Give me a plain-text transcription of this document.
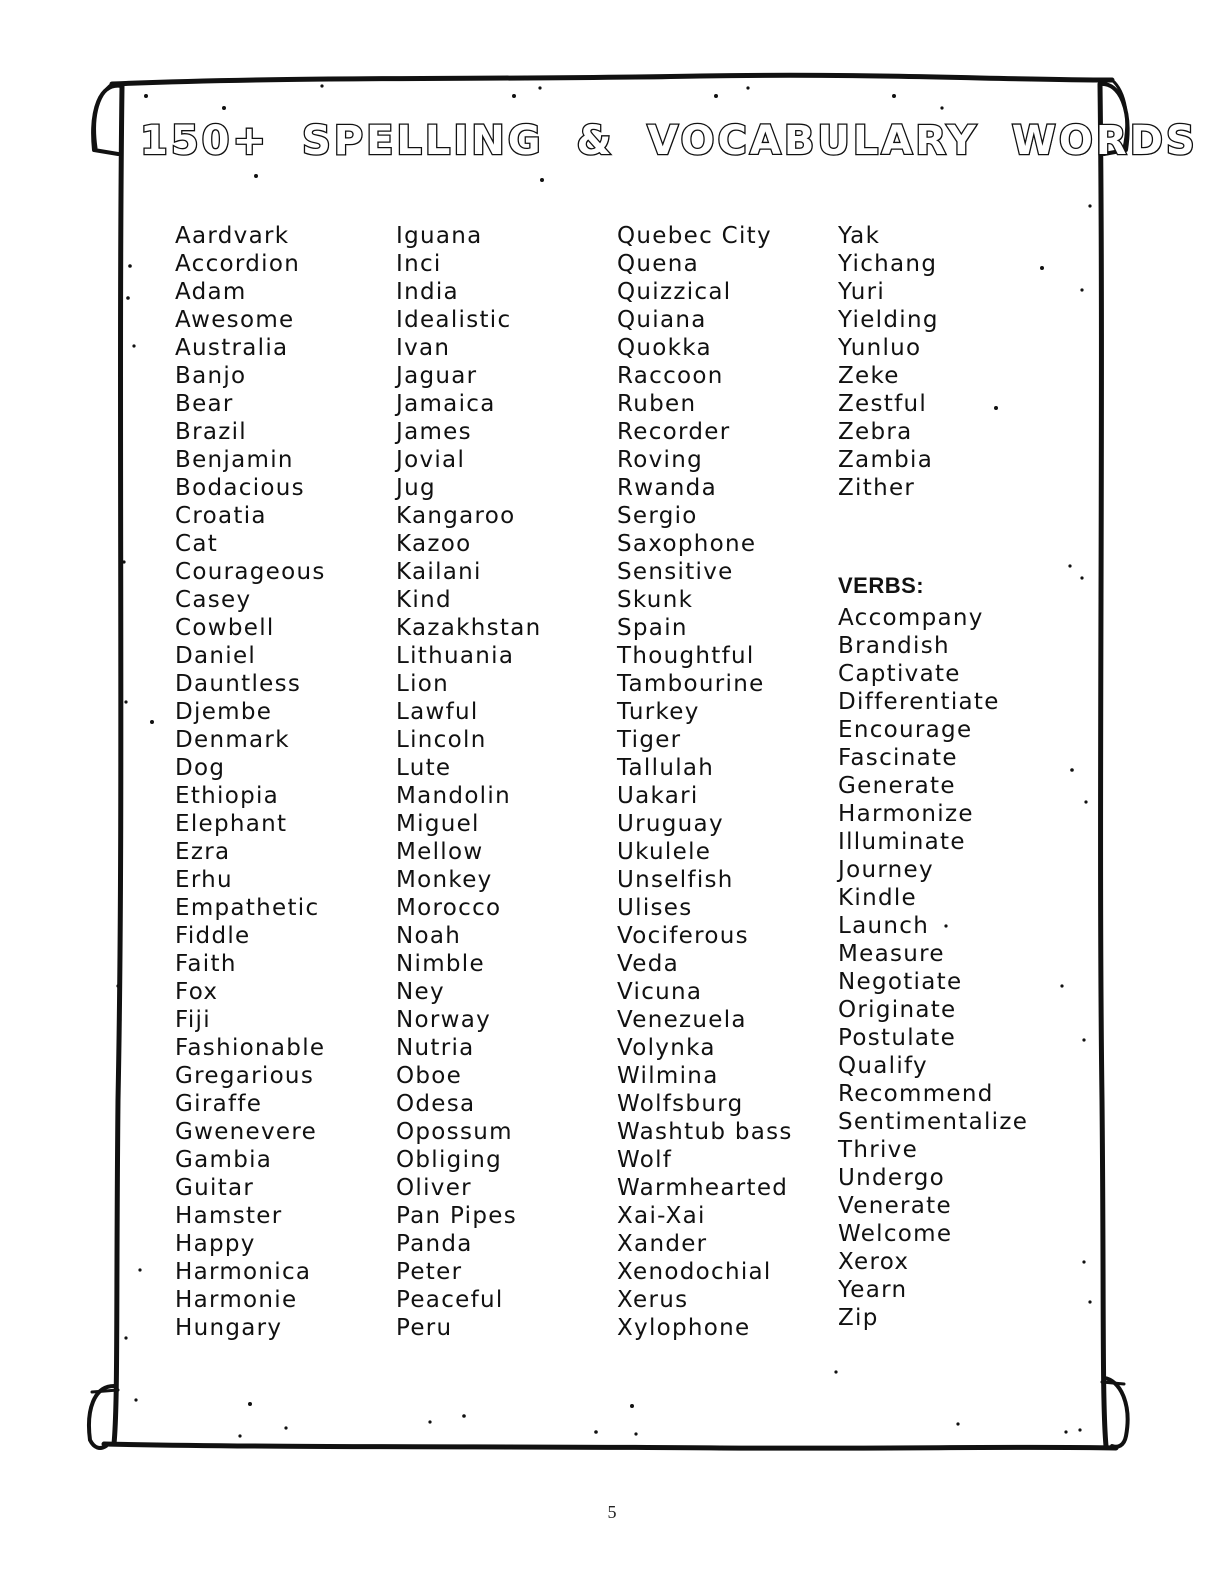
150+ SPELLING & VOCABULARY WORDS
Aardvark
Accordion
Adam
Awesome
Australia
Banjo
Bear
Brazil
Benjamin
Bodacious
Croatia
Cat
Courageous
Casey
Cowbell
Daniel
Dauntless
Djembe
Denmark
Dog
Ethiopia
Elephant
Ezra
Erhu
Empathetic
Fiddle
Faith
Fox
Fiji
Fashionable
Gregarious
Giraffe
Gwenevere
Gambia
Guitar
Hamster
Happy
Harmonica
Harmonie
Hungary
Iguana
Inci
India
Idealistic
Ivan
Jaguar
Jamaica
James
Jovial
Jug
Kangaroo
Kazoo
Kailani
Kind
Kazakhstan
Lithuania
Lion
Lawful
Lincoln
Lute
Mandolin
Miguel
Mellow
Monkey
Morocco
Noah
Nimble
Ney
Norway
Nutria
Oboe
Odesa
Opossum
Obliging
Oliver
Pan Pipes
Panda
Peter
Peaceful
Peru
Quebec City
Quena
Quizzical
Quiana
Quokka
Raccoon
Ruben
Recorder
Roving
Rwanda
Sergio
Saxophone
Sensitive
Skunk
Spain
Thoughtful
Tambourine
Turkey
Tiger
Tallulah
Uakari
Uruguay
Ukulele
Unselfish
Ulises
Vociferous
Veda
Vicuna
Venezuela
Volynka
Wilmina
Wolfsburg
Washtub bass
Wolf
Warmhearted
Xai-Xai
Xander
Xenodochial
Xerus
Xylophone
Yak
Yichang
Yuri
Yielding
Yunluo
Zeke
Zestful
Zebra
Zambia
Zither
VERBS:
Accompany
Brandish
Captivate
Differentiate
Encourage
Fascinate
Generate
Harmonize
Illuminate
Journey
Kindle
Launch
Measure
Negotiate
Originate
Postulate
Qualify
Recommend
Sentimentalize
Thrive
Undergo
Venerate
Welcome
Xerox
Yearn
Zip
5
